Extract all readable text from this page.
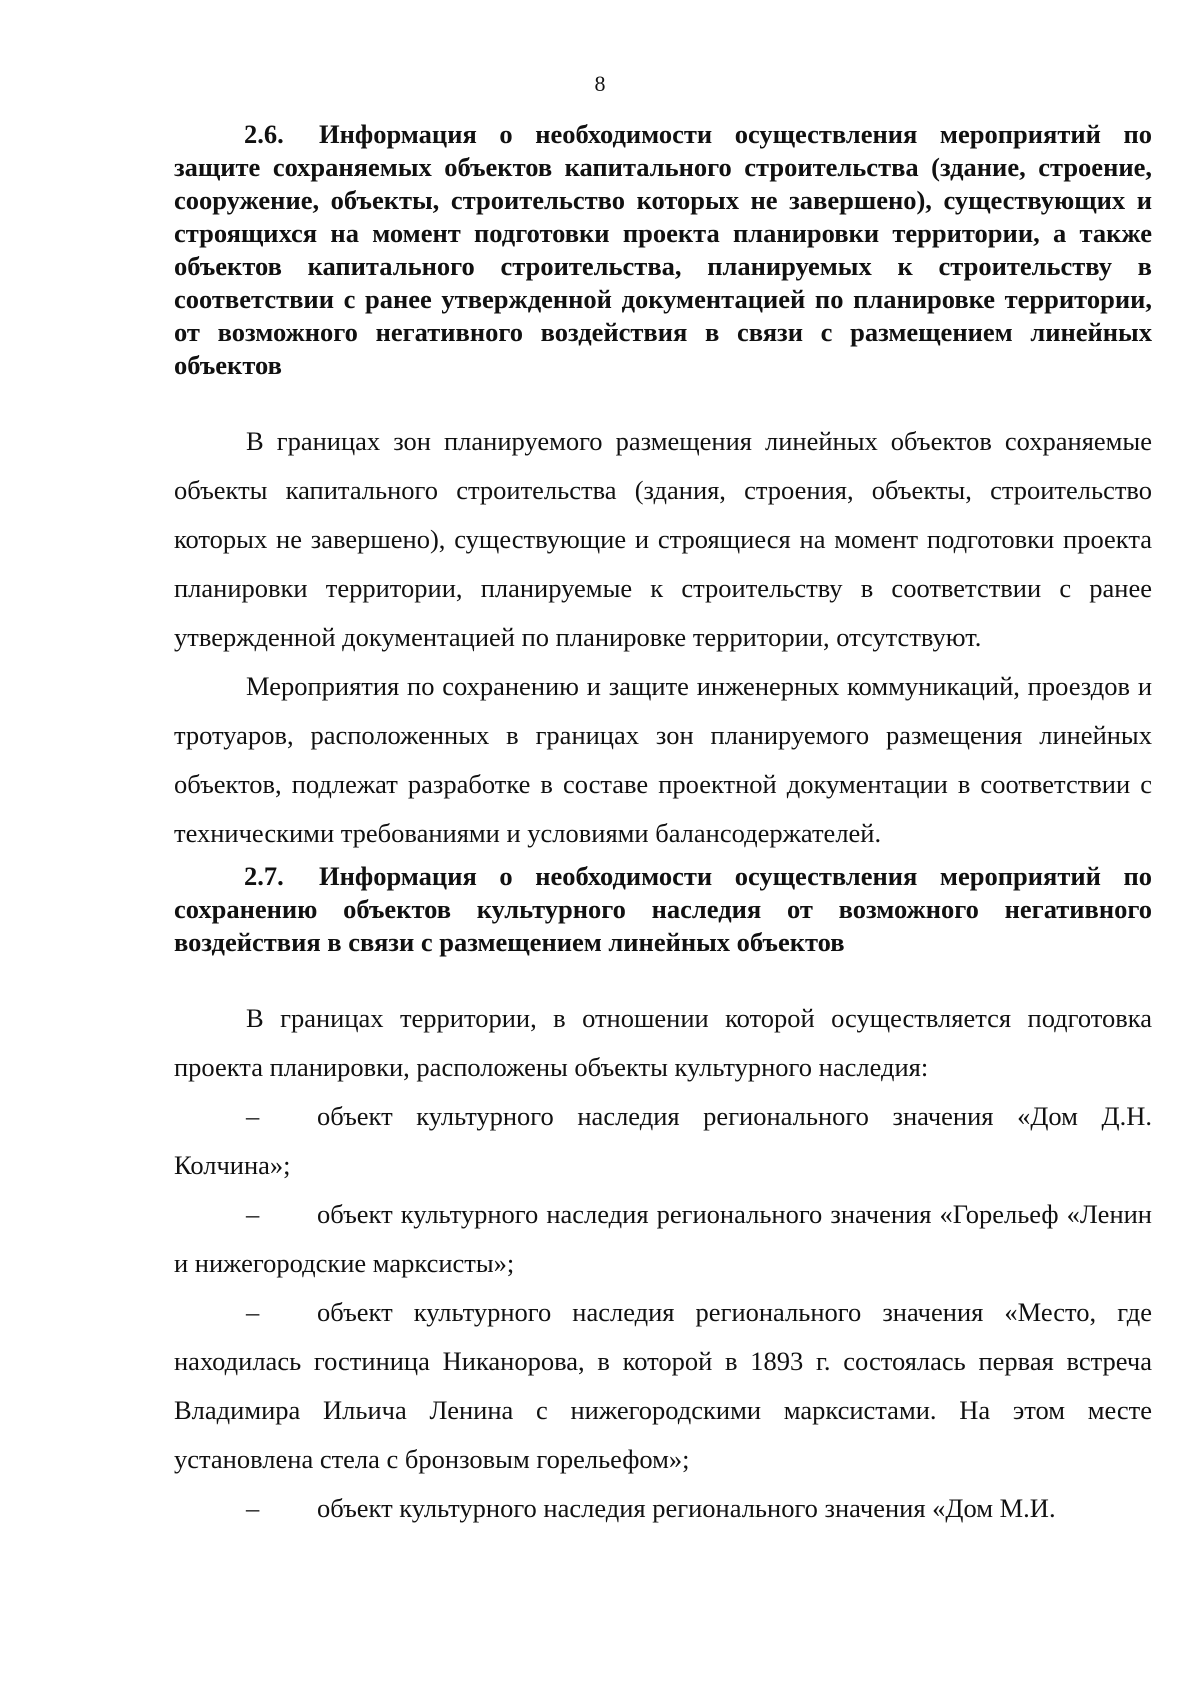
8

2.6. Информация о необходимости осуществления мероприятий по защите сохраняемых объектов капитального строительства (здание, строение, сооружение, объекты, строительство которых не завершено), существующих и строящихся на момент подготовки проекта планировки территории, а также объектов капитального строительства, планируемых к строительству в соответствии с ранее утвержденной документацией по планировке территории, от возможного негативного воздействия в связи с размещением линейных объектов

В границах зон планируемого размещения линейных объектов сохраняемые объекты капитального строительства (здания, строения, объекты, строительство которых не завершено), существующие и строящиеся на момент подготовки проекта планировки территории, планируемые к строительству в соответствии с ранее утвержденной документацией по планировке территории, отсутствуют.

Мероприятия по сохранению и защите инженерных коммуникаций, проездов и тротуаров, расположенных в границах зон планируемого размещения линейных объектов, подлежат разработке в составе проектной документации в соответствии с техническими требованиями и условиями балансодержателей.

2.7. Информация о необходимости осуществления мероприятий по сохранению объектов культурного наследия от возможного негативного воздействия в связи с размещением линейных объектов

В границах территории, в отношении которой осуществляется подготовка проекта планировки, расположены объекты культурного наследия:

– объект культурного наследия регионального значения «Дом Д.Н. Колчина»;

– объект культурного наследия регионального значения «Горельеф «Ленин и нижегородские марксисты»;

– объект культурного наследия регионального значения «Место, где находилась гостиница Никанорова, в которой в 1893 г. состоялась первая встреча Владимира Ильича Ленина с нижегородскими марксистами. На этом месте установлена стела с бронзовым горельефом»;

– объект культурного наследия регионального значения «Дом М.И.
